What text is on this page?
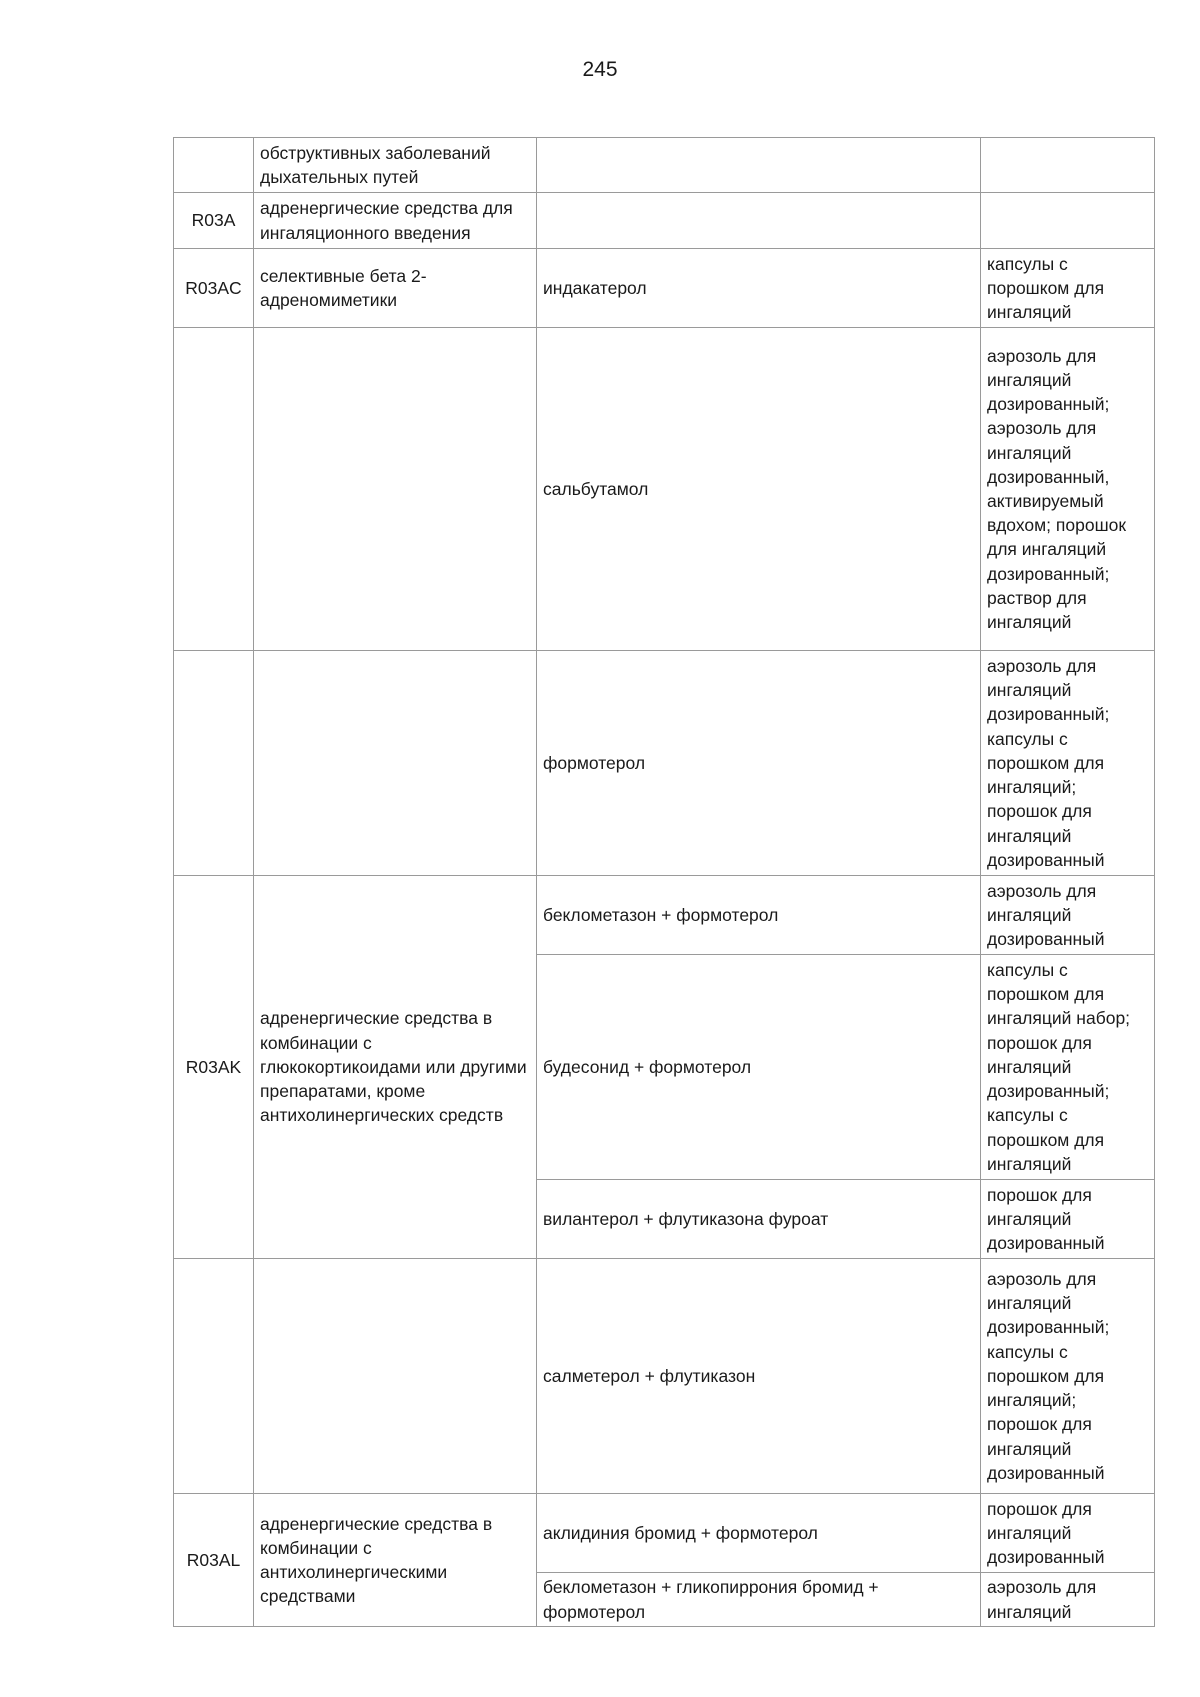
245
	обструктивных заболеваний дыхательных путей		
R03A	адренергические средства для ингаляционного введения		
R03AC	селективные бета 2-адреномиметики	индакатерол	капсулы с порошком для ингаляций
		сальбутамол	аэрозоль для ингаляций дозированный; аэрозоль для ингаляций дозированный, активируемый вдохом; порошок для ингаляций дозированный; раствор для ингаляций
		формотерол	аэрозоль для ингаляций дозированный; капсулы с порошком для ингаляций; порошок для ингаляций дозированный
R03AK	адренергические средства в комбинации с глюкокортикоидами или другими препаратами, кроме антихолинергических средств	беклометазон + формотерол	аэрозоль для ингаляций дозированный
		будесонид + формотерол	капсулы с порошком для ингаляций набор; порошок для ингаляций дозированный; капсулы с порошком для ингаляций
		вилантерол + флутиказона фуроат	порошок для ингаляций дозированный
		салметерол + флутиказон	аэрозоль для ингаляций дозированный; капсулы с порошком для ингаляций; порошок для ингаляций дозированный
R03AL	адренергические средства в комбинации с антихолинергическими средствами	аклидиния бромид + формотерол	порошок для ингаляций дозированный
		беклометазон + гликопиррония бромид + формотерол	аэрозоль для ингаляций
